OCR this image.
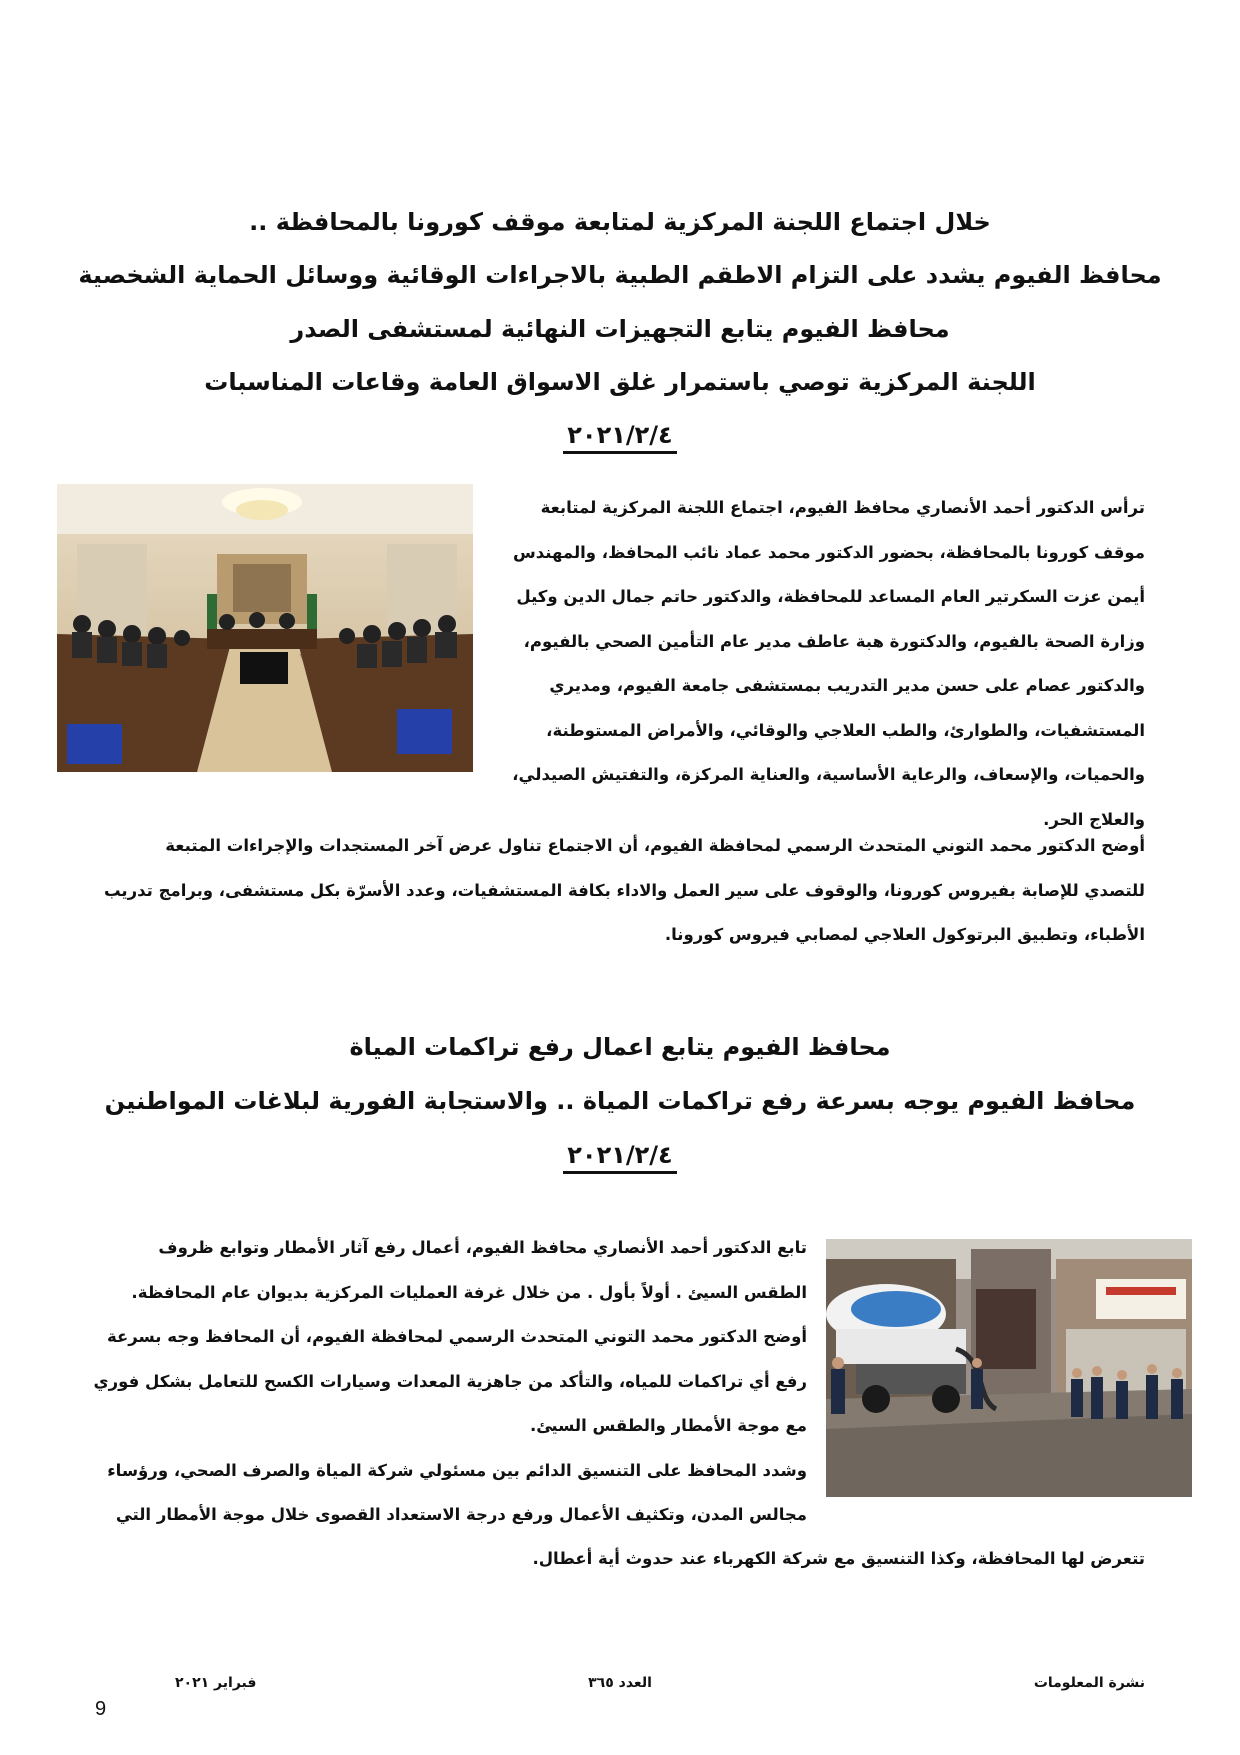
خلال اجتماع اللجنة المركزية لمتابعة موقف كورونا بالمحافظة ..
محافظ الفيوم يشدد على التزام الاطقم الطبية بالاجراءات الوقائية ووسائل الحماية الشخصية
محافظ الفيوم يتابع التجهيزات النهائية لمستشفى الصدر
اللجنة المركزية توصي باستمرار غلق الاسواق العامة وقاعات المناسبات
٢٠٢١/٢/٤

ترأس الدكتور أحمد الأنصاري محافظ الفيوم، اجتماع اللجنة المركزية لمتابعة

موقف كورونا بالمحافظة، بحضور الدكتور محمد عماد نائب المحافظ، والمهندس

أيمن عزت السكرتير العام المساعد للمحافظة، والدكتور حاتم جمال الدين وكيل

وزارة الصحة بالفيوم، والدكتورة هبة عاطف مدير عام التأمين الصحي بالفيوم،

والدكتور عصام على حسن مدير التدريب بمستشفى جامعة الفيوم، ومديري

المستشفيات، والطوارئ، والطب العلاجي والوقائي، والأمراض المستوطنة،

والحميات، والإسعاف، والرعاية الأساسية، والعناية المركزة، والتفتيش الصيدلي،

والعلاج الحر.

أوضح الدكتور محمد التوني المتحدث الرسمي لمحافظة الفيوم، أن الاجتماع تناول عرض آخر المستجدات والإجراءات المتبعة

للتصدي للإصابة بفيروس كورونا، والوقوف على سير العمل والاداء بكافة المستشفيات، وعدد الأسرّة بكل مستشفى، وبرامج تدريب

الأطباء، وتطبيق البرتوكول العلاجي لمصابي فيروس كورونا.

محافظ الفيوم يتابع اعمال رفع تراكمات المياة
محافظ الفيوم يوجه بسرعة رفع تراكمات المياة .. والاستجابة الفورية لبلاغات المواطنين
٢٠٢١/٢/٤

تابع الدكتور أحمد الأنصاري محافظ الفيوم، أعمال رفع آثار الأمطار وتوابع ظروف

الطقس السيئ . أولاً بأول . من خلال غرفة العمليات المركزية بديوان عام المحافظة.

أوضح الدكتور محمد التوني المتحدث الرسمي لمحافظة الفيوم، أن المحافظ وجه بسرعة

رفع أي تراكمات للمياه، والتأكد من جاهزية المعدات وسيارات الكسح للتعامل بشكل فوري

مع موجة الأمطار والطقس السيئ.

وشدد المحافظ على التنسيق الدائم بين مسئولي شركة المياة والصرف الصحي، ورؤساء

مجالس المدن، وتكثيف الأعمال ورفع درجة الاستعداد القصوى خلال موجة الأمطار التي

تتعرض لها المحافظة، وكذا التنسيق مع شركة الكهرباء عند حدوث أية أعطال.

نشرة المعلومات
العدد ٣٦٥
فبراير ٢٠٢١
9
